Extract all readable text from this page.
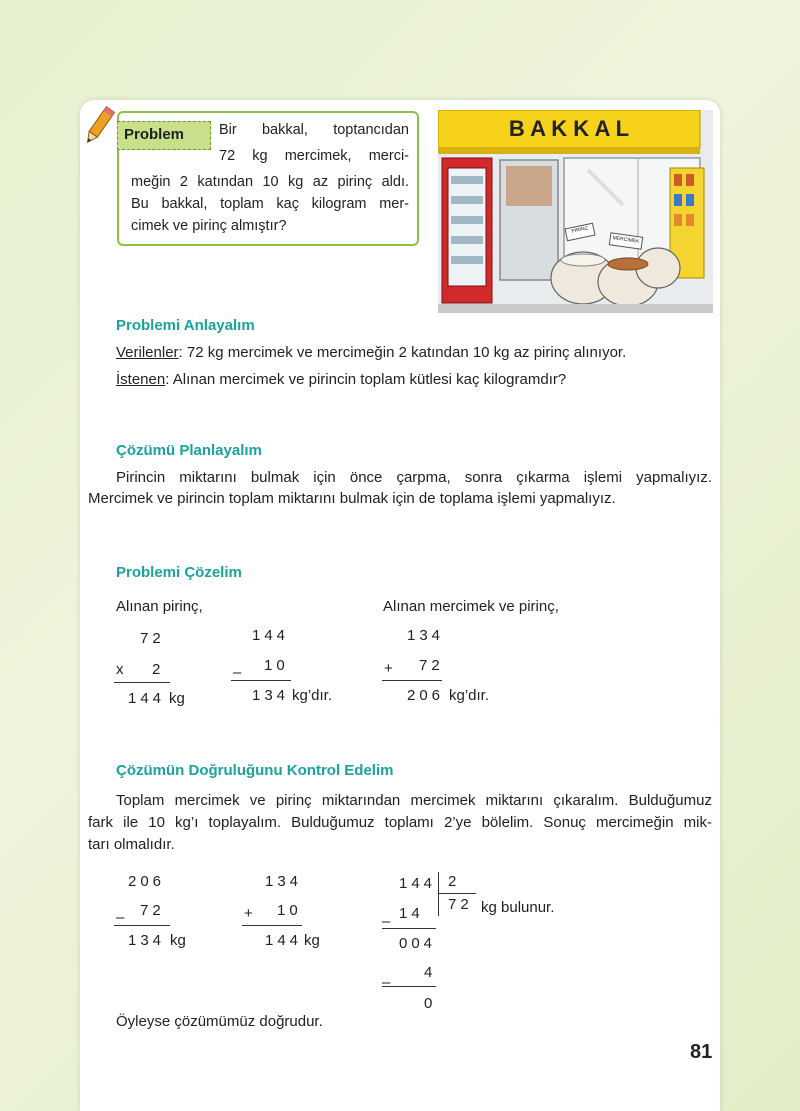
Problem Bir bakkal, toptancıdan
72 kg mercimek, merci-
meğin 2 katından 10 kg az pirinç aldı.
Bu bakkal, toplam kaç kilogram mer-
cimek ve pirinç almıştır?
B A K K A L
PİRİNÇ
MERCİMEK
Problemi Anlayalım
Verilenler: 72 kg mercimek ve mercimeğin 2 katından 10 kg az pirinç alınıyor.
İstenen: Alınan mercimek ve pirincin toplam kütlesi kaç kilogramdır?
Çözümü Planlayalım
Pirincin miktarını bulmak için önce çarpma, sonra çıkarma işlemi yapmalıyız.
Mercimek ve pirincin toplam miktarını bulmak için de toplama işlemi yapmalıyız.
Problemi Çözelim
Alınan pirinç,	Alınan mercimek ve pirinç,
72
x 2
144 kg
144
– 10
134 kg’dır.
134
+ 72
206 kg’dır.
Çözümün Doğruluğunu Kontrol Edelim
Toplam mercimek ve pirinç miktarından mercimek miktarını çıkaralım. Bulduğumuz
fark ile 10 kg’ı toplayalım. Bulduğumuz toplamı 2’ye bölelim. Sonuç mercimeğin mik-
tarı olmalıdır.
206
– 72
134 kg
134
+ 10
144 kg
144 2
72 kg bulunur.
– 14
004
–
4
0
Öyleyse çözümümüz doğrudur.
81
